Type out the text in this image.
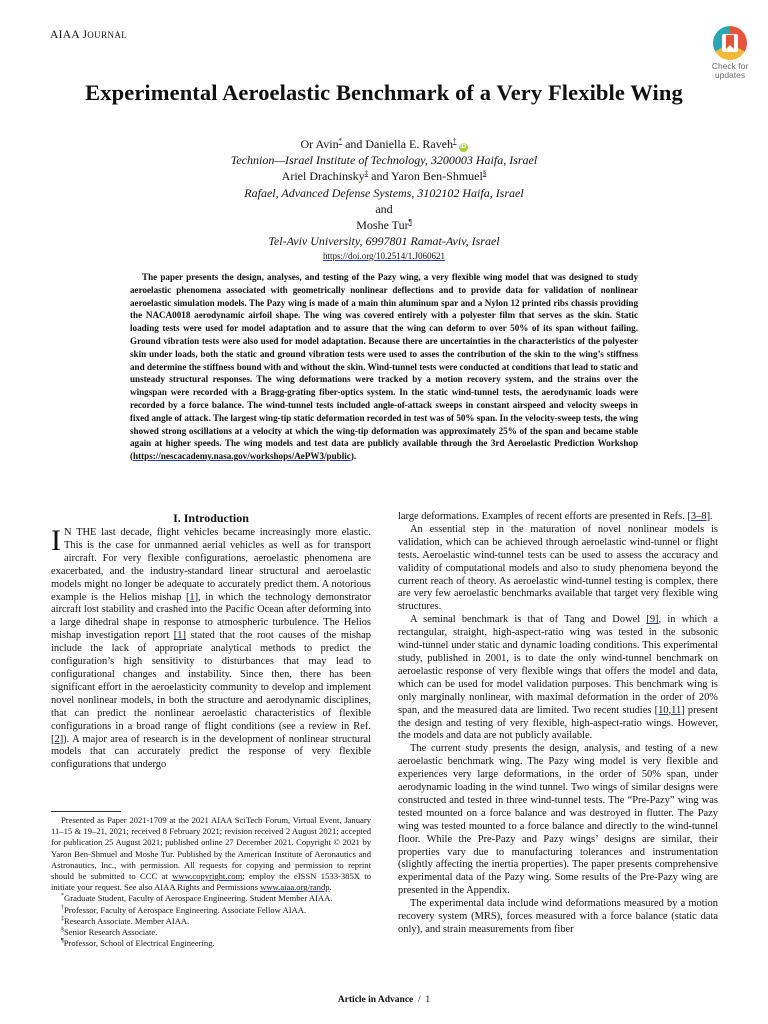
AIAA JOURNAL
Check for
updates
Experimental Aeroelastic Benchmark of a Very Flexible Wing
Or Avin* and Daniella E. Raveh†iD
Technion—Israel Institute of Technology, 3200003 Haifa, Israel
Ariel Drachinsky‡ and Yaron Ben-Shmuel§
Rafael, Advanced Defense Systems, 3102102 Haifa, Israel
and
Moshe Tur¶
Tel-Aviv University, 6997801 Ramat-Aviv, Israel
https://doi.org/10.2514/1.J060621
The paper presents the design, analyses, and testing of the Pazy wing, a very flexible wing model that was designed to study aeroelastic phenomena associated with geometrically nonlinear deflections and to provide data for validation of nonlinear aeroelastic simulation models. The Pazy wing is made of a main thin aluminum spar and a Nylon 12 printed ribs chassis providing the NACA0018 aerodynamic airfoil shape. The wing was covered entirely with a polyester film that serves as the skin. Static loading tests were used for model adaptation and to assure that the wing can deform to over 50% of its span without failing. Ground vibration tests were also used for model adaptation. Because there are uncertainties in the characteristics of the polyester skin under loads, both the static and ground vibration tests were used to asses the contribution of the skin to the wing’s stiffness and determine the stiffness bound with and without the skin. Wind-tunnel tests were conducted at conditions that lead to static and unsteady structural responses. The wing deformations were tracked by a motion recovery system, and the strains over the wingspan were recorded with a Bragg-grating fiber-optics system. In the static wind-tunnel tests, the aerodynamic loads were recorded by a force balance. The wind-tunnel tests included angle-of-attack sweeps in constant airspeed and velocity sweeps in fixed angle of attack. The largest wing-tip static deformation recorded in test was of 50% span. In the velocity-sweep tests, the wing showed strong oscillations at a velocity at which the wing-tip deformation was approximately 25% of the span and became stable again at higher speeds. The wing models and test data are publicly available through the 3rd Aeroelastic Prediction Workshop (https://nescacademy.nasa.gov/workshops/AePW3/public).
I. Introduction

I N THE last decade, flight vehicles became increasingly more elastic. This is the case for unmanned aerial vehicles as well as for transport aircraft. For very flexible configurations, aeroelastic phenomena are exacerbated, and the industry-standard linear structural and aeroelastic models might no longer be adequate to accurately predict them. A notorious example is the Helios mishap [1], in which the technology demonstrator aircraft lost stability and crashed into the Pacific Ocean after deforming into a large dihedral shape in response to atmospheric turbulence. The Helios mishap investigation report [1] stated that the root causes of the mishap include the lack of appropriate analytical methods to predict the configuration’s high sensitivity to disturbances that may lead to configurational changes and instability. Since then, there has been significant effort in the aeroelasticity community to develop and implement novel nonlinear models, in both the structure and aerodynamic disciplines, that can predict the nonlinear aeroelastic characteristics of flexible configurations in a broad range of flight conditions (see a review in Ref. [2]). A major area of research is in the development of nonlinear structural models that can accurately predict the response of very flexible configurations that undergo

large deformations. Examples of recent efforts are presented in Refs. [3–8].

An essential step in the maturation of novel nonlinear models is validation, which can be achieved through aeroelastic wind-tunnel or flight tests. Aeroelastic wind-tunnel tests can be used to assess the accuracy and validity of computational models and also to study phenomena beyond the current reach of theory. As aeroelastic wind-tunnel testing is complex, there are very few aeroelastic benchmarks available that target very flexible wing structures.

A seminal benchmark is that of Tang and Dowel [9], in which a rectangular, straight, high-aspect-ratio wing was tested in the subsonic wind-tunnel under static and dynamic loading conditions. This experimental study, published in 2001, is to date the only wind-tunnel benchmark on aeroelastic response of very flexible wings that offers the model and data, which can be used for model validation purposes. This benchmark wing is only marginally nonlinear, with maximal deformation in the order of 20% span, and the measured data are limited. Two recent studies [10,11] present the design and testing of very flexible, high-aspect-ratio wings. However, the models and data are not publicly available.

The current study presents the design, analysis, and testing of a new aeroelastic benchmark wing. The Pazy wing model is very flexible and experiences very large deformations, in the order of 50% span, under aerodynamic loading in the wind tunnel. Two wings of similar designs were constructed and tested in three wind-tunnel tests. The “Pre-Pazy” wing was tested mounted on a force balance and was destroyed in flutter. The Pazy wing was tested mounted to a force balance and directly to the wind-tunnel floor. While the Pre-Pazy and Pazy wings’ designs are similar, their properties vary due to manufacturing tolerances and instrumentation (slightly affecting the inertia properties). The paper presents comprehensive experimental data of the Pazy wing. Some results of the Pre-Pazy wing are presented in the Appendix.

The experimental data include wind deformations measured by a motion recovery system (MRS), forces measured with a force balance (static data only), and strain measurements from fiber

Presented as Paper 2021-1709 at the 2021 AIAA SciTech Forum, Virtual Event, January 11–15 & 19–21, 2021; received 8 February 2021; revision received 2 August 2021; accepted for publication 25 August 2021; published online 27 December 2021. Copyright © 2021 by Yaron Ben-Shmuel and Moshe Tur. Published by the American Institute of Aeronautics and Astronautics, Inc., with permission. All requests for copying and permission to reprint should be submitted to CCC at www.copyright.com; employ the eISSN 1533-385X to initiate your request. See also AIAA Rights and Permissions www.aiaa.org/randp.

*Graduate Student, Faculty of Aerospace Engineering. Student Member AIAA.

†Professor, Faculty of Aerospace Engineering. Associate Fellow AIAA.

‡Research Associate. Member AIAA.

§Senior Research Associate.

¶Professor, School of Electrical Engineering.

Article in Advance  /  1
